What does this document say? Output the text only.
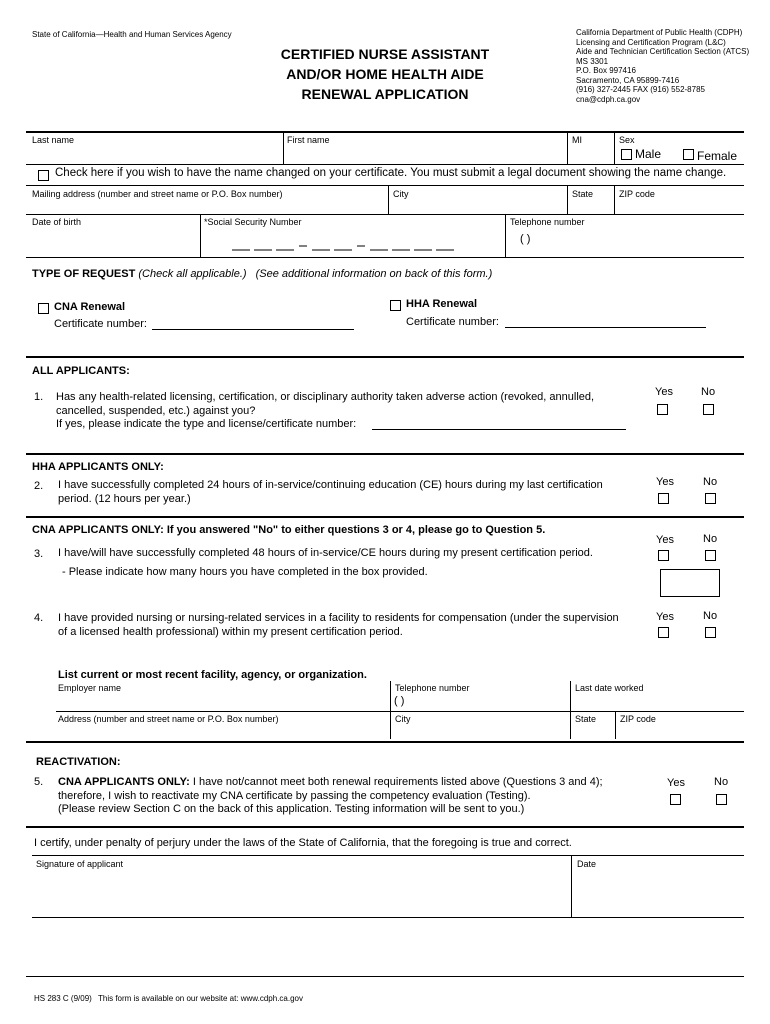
State of California—Health and Human Services Agency
CERTIFIED NURSE ASSISTANT
AND/OR HOME HEALTH AIDE
RENEWAL APPLICATION
California Department of Public Health (CDPH)
Licensing and Certification Program (L&C)
Aide and Technician Certification Section (ATCS)
MS 3301
P.O. Box 997416
Sacramento, CA 95899-7416
(916) 327-2445 FAX (916) 552-8785
cna@cdph.ca.gov
Last name	First name	MI	Sex
Male	Female
Check here if you wish to have the name changed on your certificate. You must submit a legal document showing the name change.
Mailing address (number and street name or P.O. Box number)	City	State	ZIP code
Date of birth	*Social Security Number	Telephone number
( )
TYPE OF REQUEST (Check all applicable.) (See additional information on back of this form.)
CNA Renewal
Certificate number:
HHA Renewal
Certificate number:
ALL APPLICANTS:
Yes	No
1. Has any health-related licensing, certification, or disciplinary authority taken adverse action (revoked, annulled,
cancelled, suspended, etc.) against you?
If yes, please indicate the type and license/certificate number:
HHA APPLICANTS ONLY:
Yes	No
2. I have successfully completed 24 hours of in-service/continuing education (CE) hours during my last certification
period. (12 hours per year.)
CNA APPLICANTS ONLY: If you answered "No" to either questions 3 or 4, please go to Question 5.
Yes	No
3. I have/will have successfully completed 48 hours of in-service/CE hours during my present certification period.
- Please indicate how many hours you have completed in the box provided.
Yes	No
4. I have provided nursing or nursing-related services in a facility to residents for compensation (under the supervision
of a licensed health professional) within my present certification period.
List current or most recent facility, agency, or organization.
Employer name	Telephone number
( )
Last date worked
Address (number and street name or P.O. Box number)	City	State	ZIP code
REACTIVATION:
5. CNA APPLICANTS ONLY: I have not/cannot meet both renewal requirements listed above (Questions 3 and 4);
therefore, I wish to reactivate my CNA certificate by passing the competency evaluation (Testing).
(Please review Section C on the back of this application. Testing information will be sent to you.)
Yes	No
I certify, under penalty of perjury under the laws of the State of California, that the foregoing is true and correct.
Signature of applicant	Date
HS 283 C (9/09) This form is available on our website at: www.cdph.ca.gov
